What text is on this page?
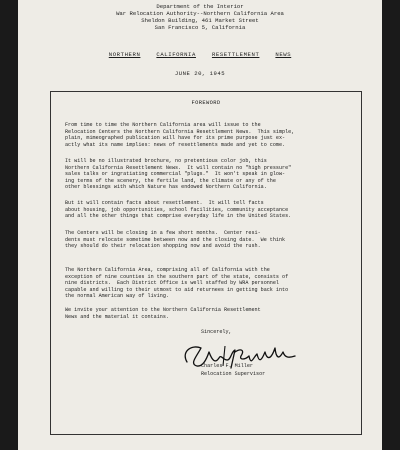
Department of the Interior
War Relocation Authority--Northern California Area
Sheldon Building, 461 Market Street
San Francisco 5, California
NORTHERN	CALIFORNIA	RESETTLEMENT	NEWS
JUNE 20, 1945
FOREWORD
From time to time the Northern California area will issue to the
Relocation Centers the Northern California Resettlement News.  This simple,
plain, mimeographed publication will have for its prime purpose just ex-
actly what its name implies: news of resettlements made and yet to come.
It will be no illustrated brochure, no pretentious color job, this
Northern California Resettlement News.  It will contain no "high pressure"
sales talks or ingratiating commercial "plugs."  It won't speak in glow-
ing terms of the scenery, the fertile land, the climate or any of the
other blessings with which Nature has endowed Northern California.
But it will contain facts about resettlement.  It will tell facts
about housing, job opportunities, school facilities, community acceptance
and all the other things that comprise everyday life in the United States.
The Centers will be closing in a few short months.  Center resi-
dents must relocate sometime between now and the closing date.  We think
they should do their relocation shopping now and avoid the rush.
The Northern California Area, comprising all of California with the
exception of nine counties in the southern part of the state, consists of
nine districts.  Each District Office is well staffed by WRA personnel
capable and willing to their utmost to aid returnees in getting back into
the normal American way of living.
We invite your attention to the Northern California Resettlement
News and the material it contains.
Sincerely,
Charles F. Miller
Relocation Supervisor
